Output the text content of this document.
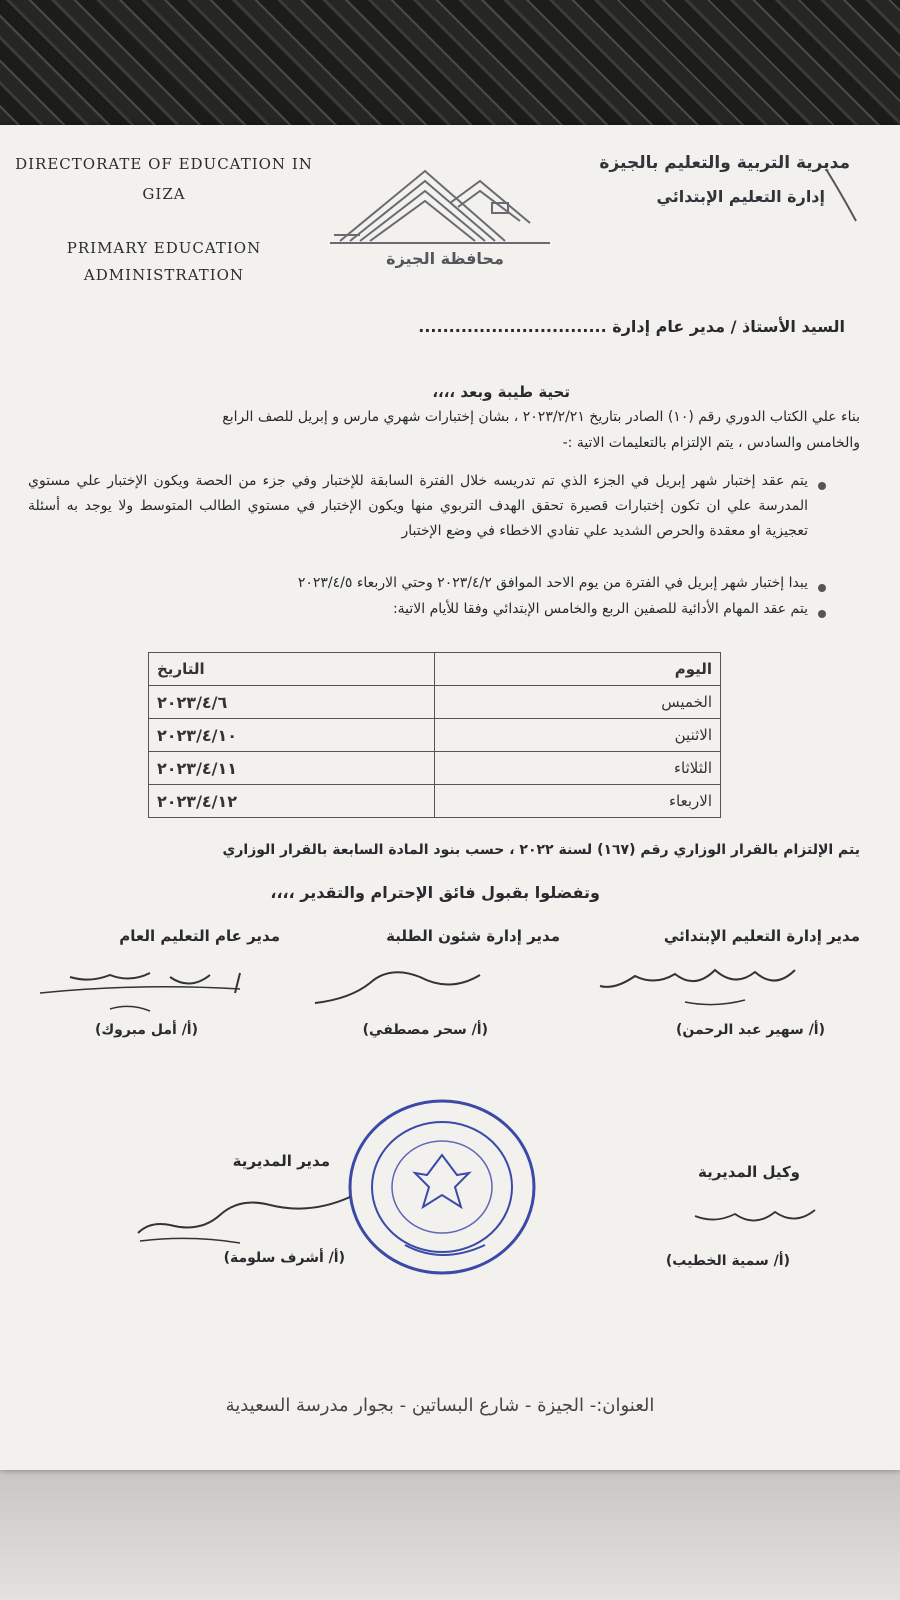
DIRECTORATE OF EDUCATION IN
GIZA
PRIMARY EDUCATION
ADMINISTRATION
محافظة الجيزة
مديرية التربية والتعليم بالجيزة
إدارة التعليم الإبتدائي
السيد الأستاذ / مدير عام إدارة ...............................
تحية طيبة وبعد ،،،،
بناء علي الكتاب الدوري رقم (١٠) الصادر بتاريخ ٢٠٢٣/٢/٢١ ، بشان إختبارات شهري مارس و إبريل للصف الرابع
والخامس والسادس ، يتم الإلتزام بالتعليمات الاتية :-
يتم عقد إختبار شهر إبريل في الجزء الذي تم تدريسه خلال الفترة السابقة للإختبار وفي جزء من الحصة ويكون الإختبار علي مستوي المدرسة علي ان تكون إختبارات قصيرة تحقق الهدف التربوي منها ويكون الإختبار في مستوي الطالب المتوسط ولا يوجد به أسئلة تعجيزية او معقدة والحرص الشديد علي تفادي الاخطاء في وضع الإختبار
يبدا إختبار شهر إبريل في الفترة من يوم الاحد الموافق ٢٠٢٣/٤/٢ وحتي الاربعاء ٢٠٢٣/٤/٥
يتم عقد المهام الأدائية للصفين الربع والخامس الإبتدائي وفقا للأيام الاتية:
اليوم	التاريخ
الخميس	٢٠٢٣/٤/٦
الاثنين	٢٠٢٣/٤/١٠
الثلاثاء	٢٠٢٣/٤/١١
الاربعاء	٢٠٢٣/٤/١٢
يتم الإلتزام بالقرار الوزاري رقم (١٦٧) لسنة ٢٠٢٢ ، حسب بنود المادة السابعة بالقرار الوزاري
وتفضلوا بقبول فائق الإحترام والتقدير ،،،،
مدير إدارة التعليم الإبتدائي
مدير إدارة شئون الطلبة
مدير عام التعليم العام
(أ/ سهير عبد الرحمن)
(أ/ سحر مصطفي)
(أ/ أمل مبروك)
وكيل المديرية
مدير المديرية
(أ/ سمية الخطيب)
(أ/ أشرف سلومة)
العنوان:- الجيزة - شارع البساتين - بجوار مدرسة السعيدية
